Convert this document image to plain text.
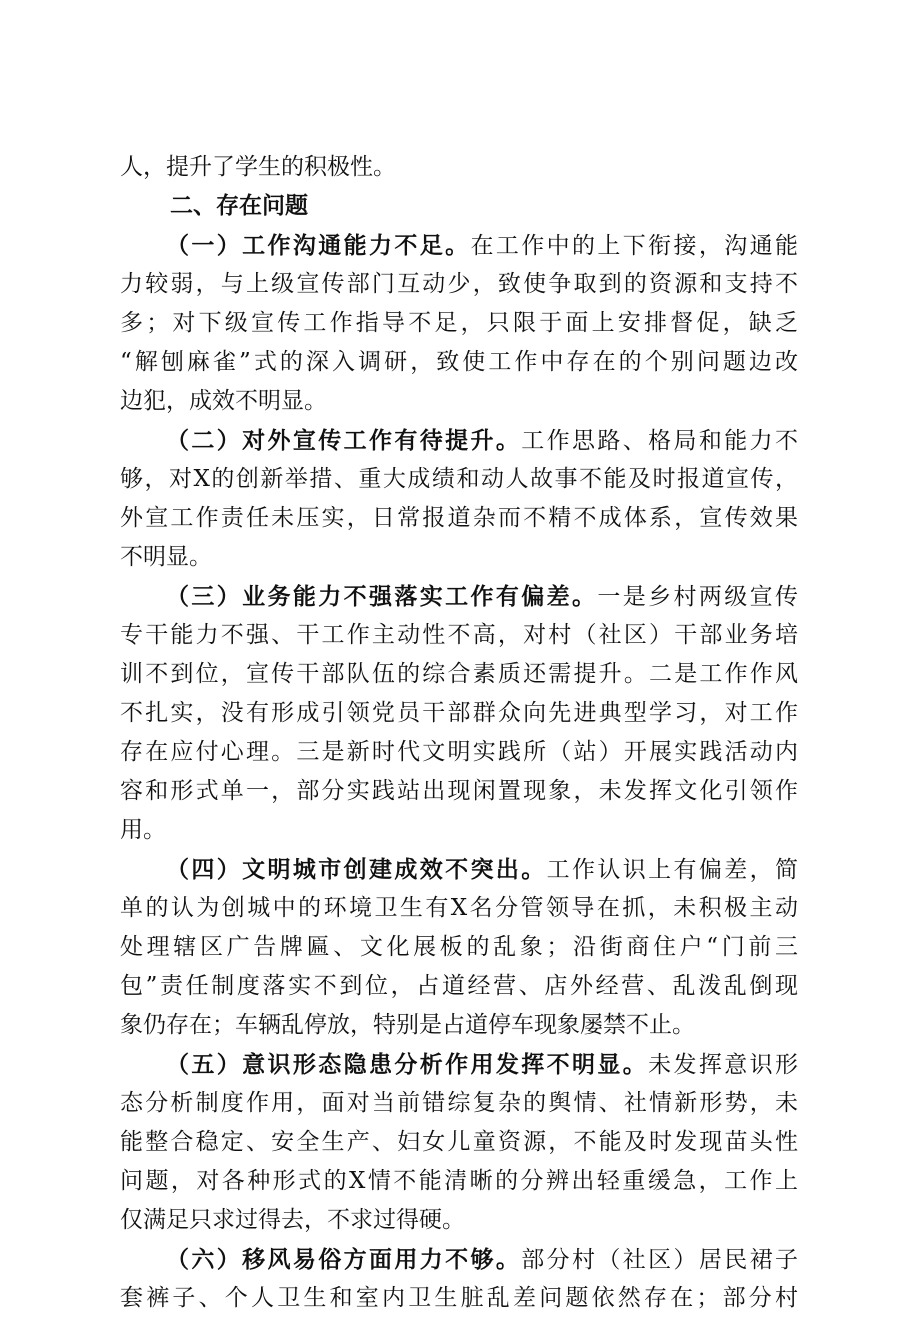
人，提升了学生的积极性。
二、存在问题
（一）工作沟通能力不足。在工作中的上下衔接，沟通能
力较弱，与上级宣传部门互动少，致使争取到的资源和支持不
多；对下级宣传工作指导不足，只限于面上安排督促，缺乏
“解刨麻雀”式的深入调研，致使工作中存在的个别问题边改
边犯，成效不明显。
（二）对外宣传工作有待提升。工作思路、格局和能力不
够，对X的创新举措、重大成绩和动人故事不能及时报道宣传，
外宣工作责任未压实，日常报道杂而不精不成体系，宣传效果
不明显。
（三）业务能力不强落实工作有偏差。一是乡村两级宣传
专干能力不强、干工作主动性不高，对村（社区）干部业务培
训不到位，宣传干部队伍的综合素质还需提升。二是工作作风
不扎实，没有形成引领党员干部群众向先进典型学习，对工作
存在应付心理。三是新时代文明实践所（站）开展实践活动内
容和形式单一，部分实践站出现闲置现象，未发挥文化引领作
用。
（四）文明城市创建成效不突出。工作认识上有偏差，简
单的认为创城中的环境卫生有X名分管领导在抓，未积极主动
处理辖区广告牌匾、文化展板的乱象；沿街商住户“门前三
包”责任制度落实不到位，占道经营、店外经营、乱泼乱倒现
象仍存在；车辆乱停放，特别是占道停车现象屡禁不止。
（五）意识形态隐患分析作用发挥不明显。未发挥意识形
态分析制度作用，面对当前错综复杂的舆情、社情新形势，未
能整合稳定、安全生产、妇女儿童资源，不能及时发现苗头性
问题，对各种形式的X情不能清晰的分辨出轻重缓急，工作上
仅满足只求过得去，不求过得硬。
（六）移风易俗方面用力不够。部分村（社区）居民裙子
套裤子、个人卫生和室内卫生脏乱差问题依然存在；部分村
